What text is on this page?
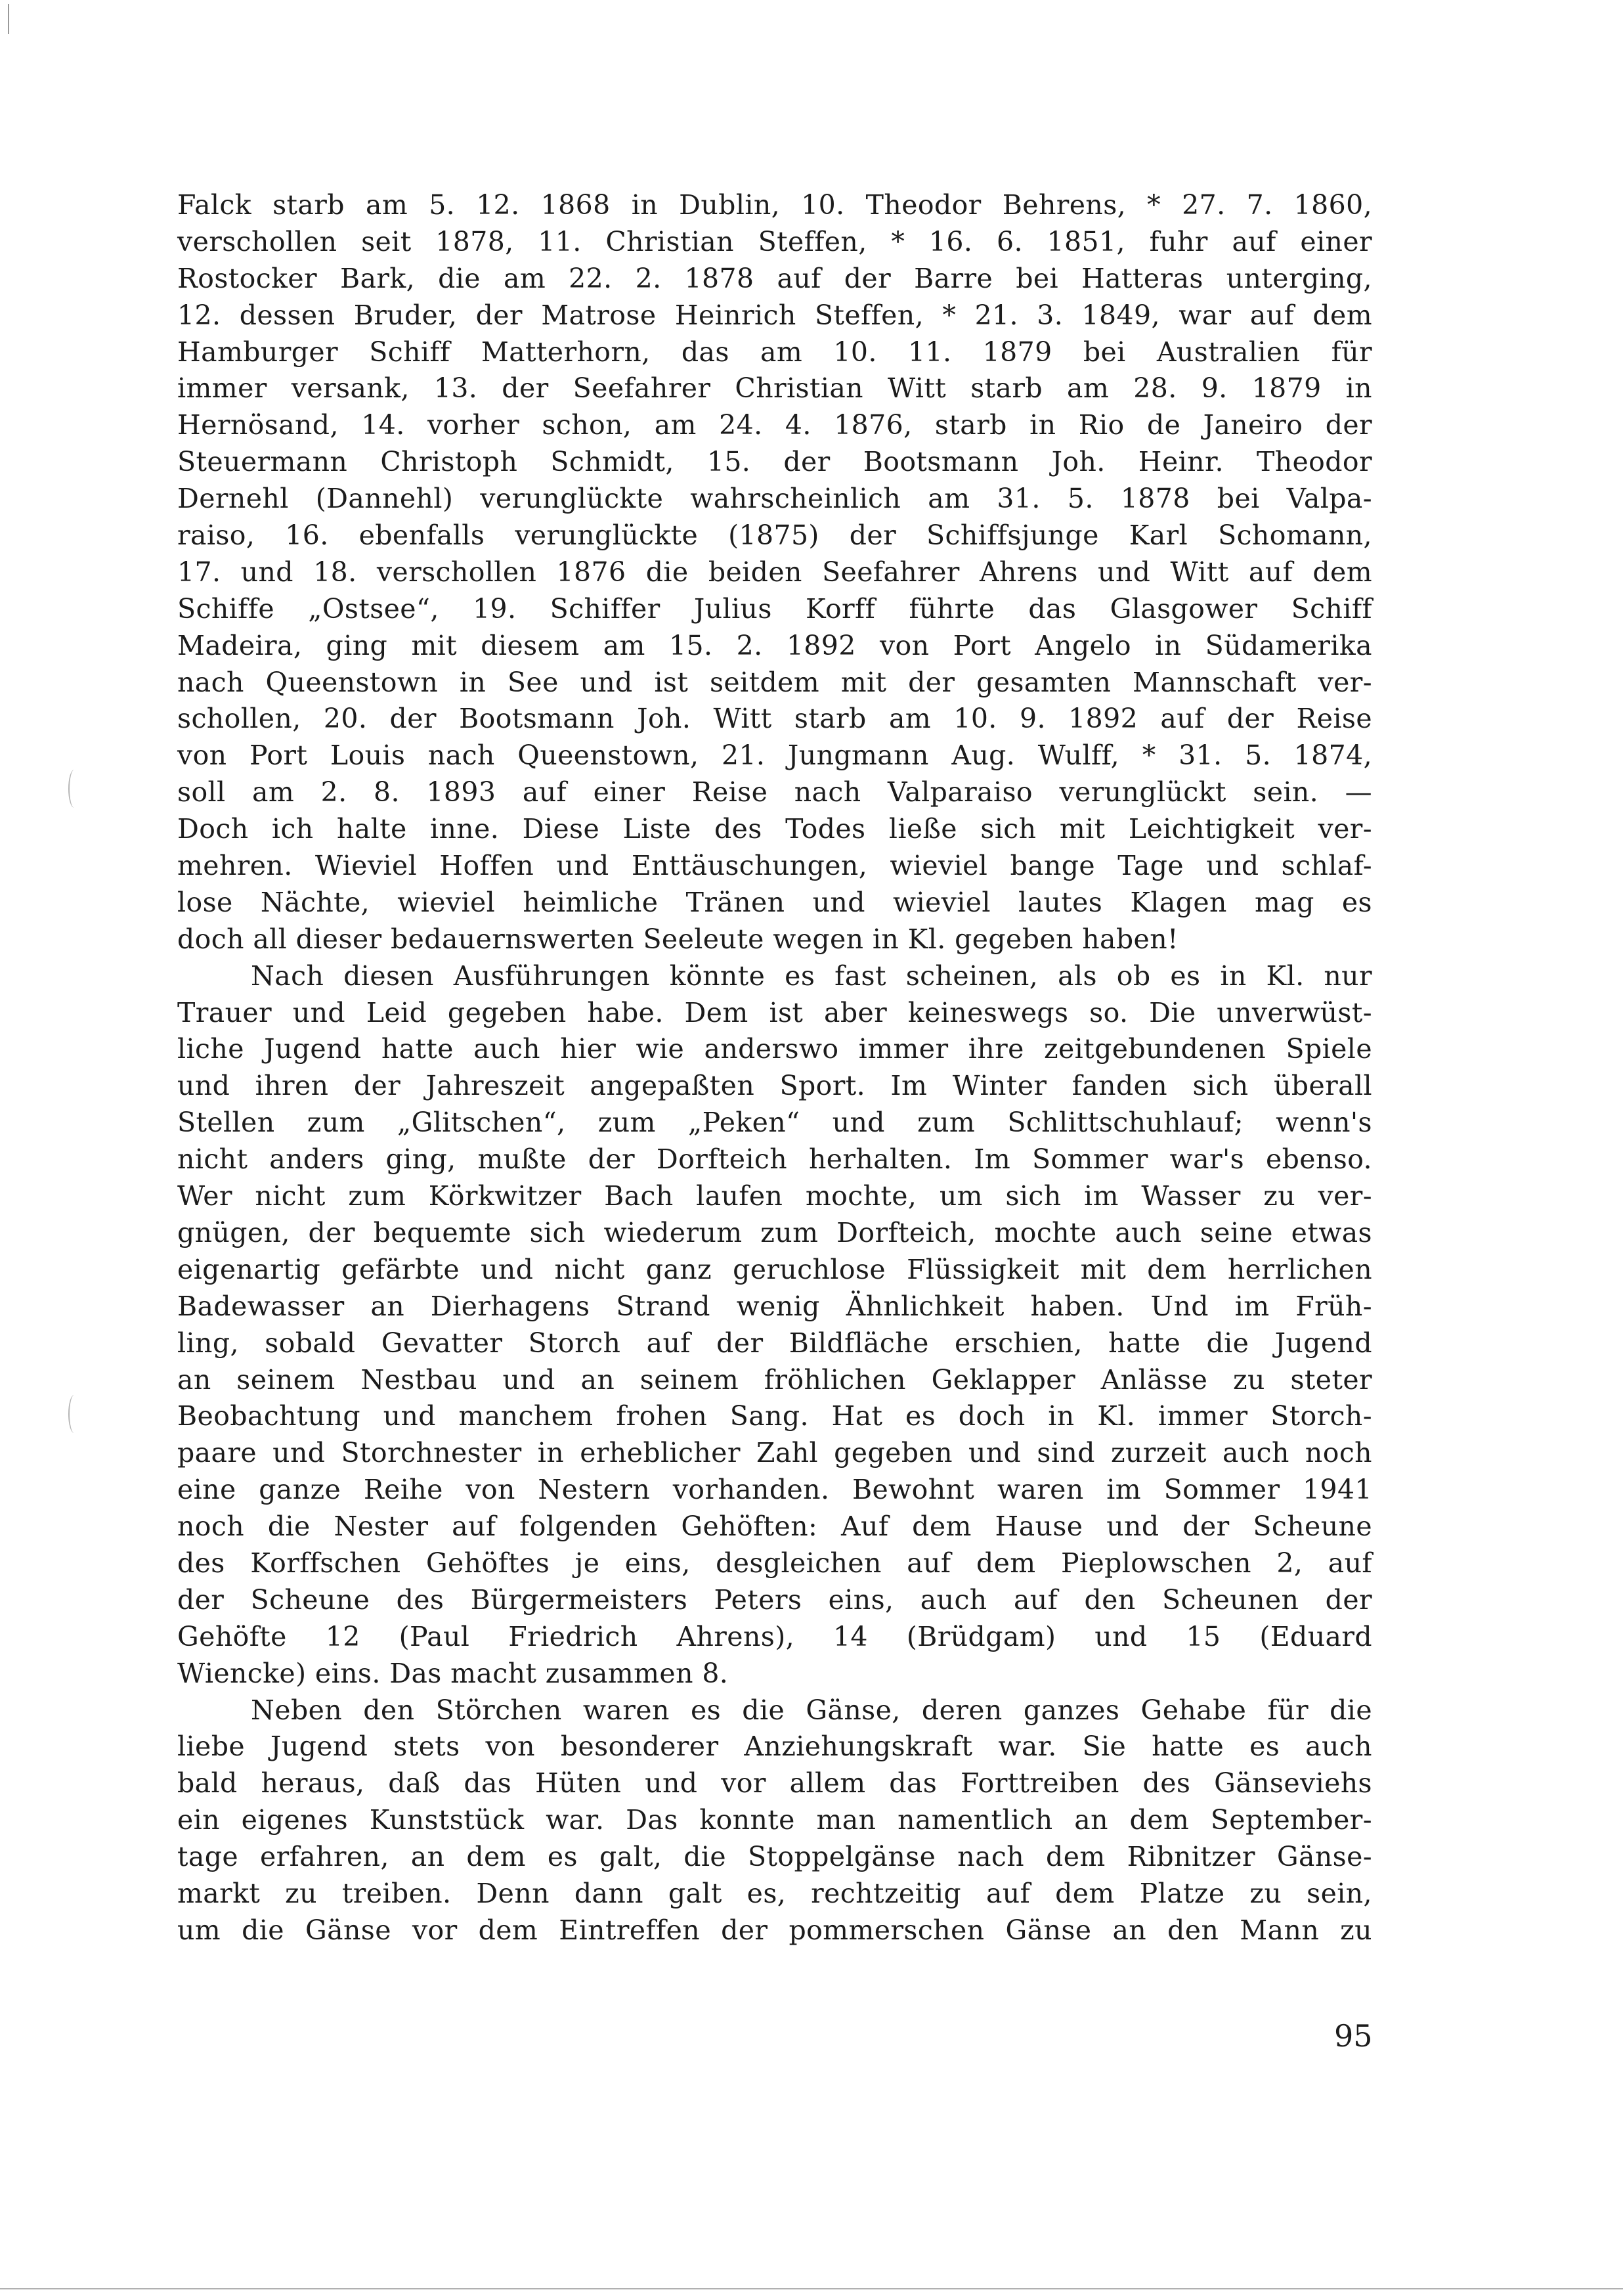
Falck starb am 5. 12. 1868 in Dublin, 10. Theodor Behrens, * 27. 7. 1860,
verschollen seit 1878, 11. Christian Steffen, * 16. 6. 1851, fuhr auf einer
Rostocker Bark, die am 22. 2. 1878 auf der Barre bei Hatteras unterging,
12. dessen Bruder, der Matrose Heinrich Steffen, * 21. 3. 1849, war auf dem
Hamburger Schiff Matterhorn, das am 10. 11. 1879 bei Australien für
immer versank, 13. der Seefahrer Christian Witt starb am 28. 9. 1879 in
Hernösand, 14. vorher schon, am 24. 4. 1876, starb in Rio de Janeiro der
Steuermann Christoph Schmidt, 15. der Bootsmann Joh. Heinr. Theodor
Dernehl (Dannehl) verunglückte wahrscheinlich am 31. 5. 1878 bei Valpa-
raiso, 16. ebenfalls verunglückte (1875) der Schiffsjunge Karl Schomann,
17. und 18. verschollen 1876 die beiden Seefahrer Ahrens und Witt auf dem
Schiffe „Ostsee“, 19. Schiffer Julius Korff führte das Glasgower Schiff
Madeira, ging mit diesem am 15. 2. 1892 von Port Angelo in Südamerika
nach Queenstown in See und ist seitdem mit der gesamten Mannschaft ver-
schollen, 20. der Bootsmann Joh. Witt starb am 10. 9. 1892 auf der Reise
von Port Louis nach Queenstown, 21. Jungmann Aug. Wulff, * 31. 5. 1874,
soll am 2. 8. 1893 auf einer Reise nach Valparaiso verunglückt sein. —
Doch ich halte inne. Diese Liste des Todes ließe sich mit Leichtigkeit ver-
mehren. Wieviel Hoffen und Enttäuschungen, wieviel bange Tage und schlaf-
lose Nächte, wieviel heimliche Tränen und wieviel lautes Klagen mag es
doch all dieser bedauernswerten Seeleute wegen in Kl. gegeben haben!
Nach diesen Ausführungen könnte es fast scheinen, als ob es in Kl. nur
Trauer und Leid gegeben habe. Dem ist aber keineswegs so. Die unverwüst-
liche Jugend hatte auch hier wie anderswo immer ihre zeitgebundenen Spiele
und ihren der Jahreszeit angepaßten Sport. Im Winter fanden sich überall
Stellen zum „Glitschen“, zum „Peken“ und zum Schlittschuhlauf; wenn's
nicht anders ging, mußte der Dorfteich herhalten. Im Sommer war's ebenso.
Wer nicht zum Körkwitzer Bach laufen mochte, um sich im Wasser zu ver-
gnügen, der bequemte sich wiederum zum Dorfteich, mochte auch seine etwas
eigenartig gefärbte und nicht ganz geruchlose Flüssigkeit mit dem herrlichen
Badewasser an Dierhagens Strand wenig Ähnlichkeit haben. Und im Früh-
ling, sobald Gevatter Storch auf der Bildfläche erschien, hatte die Jugend
an seinem Nestbau und an seinem fröhlichen Geklapper Anlässe zu steter
Beobachtung und manchem frohen Sang. Hat es doch in Kl. immer Storch-
paare und Storchnester in erheblicher Zahl gegeben und sind zurzeit auch noch
eine ganze Reihe von Nestern vorhanden. Bewohnt waren im Sommer 1941
noch die Nester auf folgenden Gehöften: Auf dem Hause und der Scheune
des Korffschen Gehöftes je eins, desgleichen auf dem Pieplowschen 2, auf
der Scheune des Bürgermeisters Peters eins, auch auf den Scheunen der
Gehöfte 12 (Paul Friedrich Ahrens), 14 (Brüdgam) und 15 (Eduard
Wiencke) eins. Das macht zusammen 8.
Neben den Störchen waren es die Gänse, deren ganzes Gehabe für die
liebe Jugend stets von besonderer Anziehungskraft war. Sie hatte es auch
bald heraus, daß das Hüten und vor allem das Forttreiben des Gänseviehs
ein eigenes Kunststück war. Das konnte man namentlich an dem September-
tage erfahren, an dem es galt, die Stoppelgänse nach dem Ribnitzer Gänse-
markt zu treiben. Denn dann galt es, rechtzeitig auf dem Platze zu sein,
um die Gänse vor dem Eintreffen der pommerschen Gänse an den Mann zu
95
